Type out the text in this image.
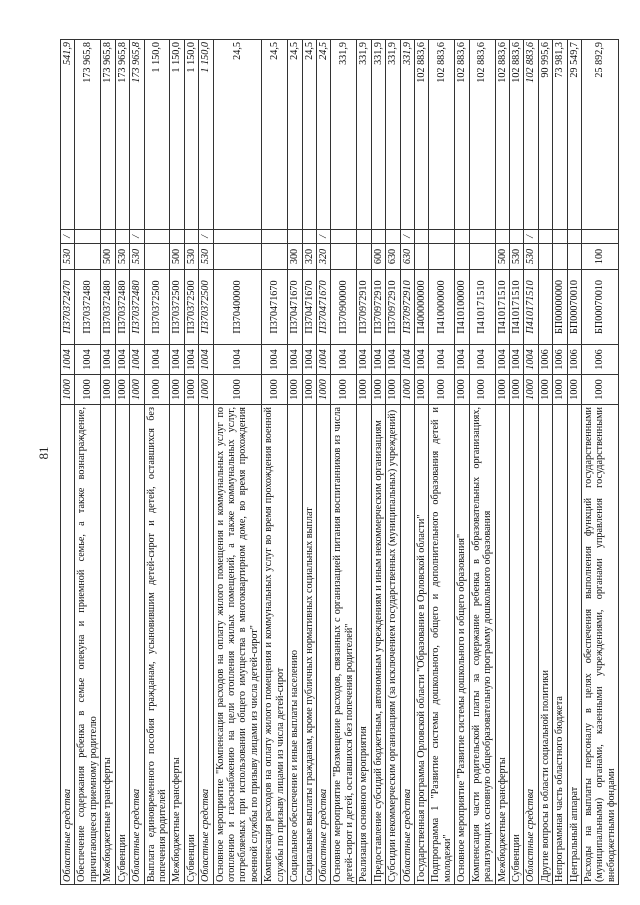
81
Областные средства	1000	1004	П370372470	530	/	541,9
Обеспечение содержания ребенка в семье опекуна и приемной семье, а также вознаграждение, причитающееся приемному родителю	1000	1004	П370372480			173 965,8
Межбюджетные трансферты	1000	1004	П370372480	500		173 965,8
Субвенции	1000	1004	П370372480	530		173 965,8
Областные средства	1000	1004	П370372480	530	/	173 965,8
Выплата единовременного пособия гражданам, усыновившим детей-сирот и детей, оставшихся без попечения родителей	1000	1004	П370372500			1 150,0
Межбюджетные трансферты	1000	1004	П370372500	500		1 150,0
Субвенции	1000	1004	П370372500	530		1 150,0
Областные средства	1000	1004	П370372500	530	/	1 150,0
Основное мероприятие "Компенсация расходов на оплату жилого помещения и коммунальных услуг по отоплению и газоснабжению на цели отопления жилых помещений, а также коммунальных услуг, потребляемых при использовании общего имущества в многоквартирном доме, во время прохождения военной службы по призыву лицами из числа детей-сирот"	1000	1004	П370400000			24,5
Компенсация расходов на оплату жилого помещения и коммунальных услуг во время прохождения военной службы по призыву лицами из числа детей-сирот	1000	1004	П370471670			24,5
Социальное обеспечение и иные выплаты населению	1000	1004	П370471670	300		24,5
Социальные выплаты гражданам, кроме публичных нормативных социальных выплат	1000	1004	П370471670	320		24,5
Областные средства	1000	1004	П370471670	320	/	24,5
Основное мероприятие "Возмещение расходов, связанных с организацией питания воспитанников из числа детей-сирот и детей, оставшихся без попечения родителей"	1000	1004	П370900000			331,9
Реализация основного мероприятия	1000	1004	П370972910			331,9
Предоставление субсидий бюджетным, автономным учреждениям и иным некоммерческим организациям	1000	1004	П370972910	600		331,9
Субсидии некоммерческим организациям (за исключением государственных (муниципальных) учреждений)	1000	1004	П370972910	630		331,9
Областные средства	1000	1004	П370972910	630	/	331,9
Государственная программа Орловской области "Образование в Орловской области"	1000	1004	П400000000			102 883,6
Подпрограмма 1 "Развитие системы дошкольного, общего и дополнительного образования детей и молодежи"	1000	1004	П410000000			102 883,6
Основное мероприятие "Развитие системы дошкольного и общего образования"	1000	1004	П410100000			102 883,6
Компенсация части родительской платы за содержание ребенка в образовательных организациях, реализующих основную общеобразовательную программу дошкольного образования	1000	1004	П410171510			102 883,6
Межбюджетные трансферты	1000	1004	П410171510	500		102 883,6
Субвенции	1000	1004	П410171510	530		102 883,6
Областные средства	1000	1004	П410171510	530	/	102 883,6
Другие вопросы в области социальной политики	1000	1006				90 995,6
Непрограммная часть областного бюджета	1000	1006	БП00000000			73 981,3
Центральный аппарат	1000	1006	БП00070010			29 549,7
Расходы на выплаты персоналу в целях обеспечения выполнения функций государственными (муниципальными) органами, казенными учреждениями, органами управления государственными внебюджетными фондами	1000	1006	БП00070010	100		25 892,9
